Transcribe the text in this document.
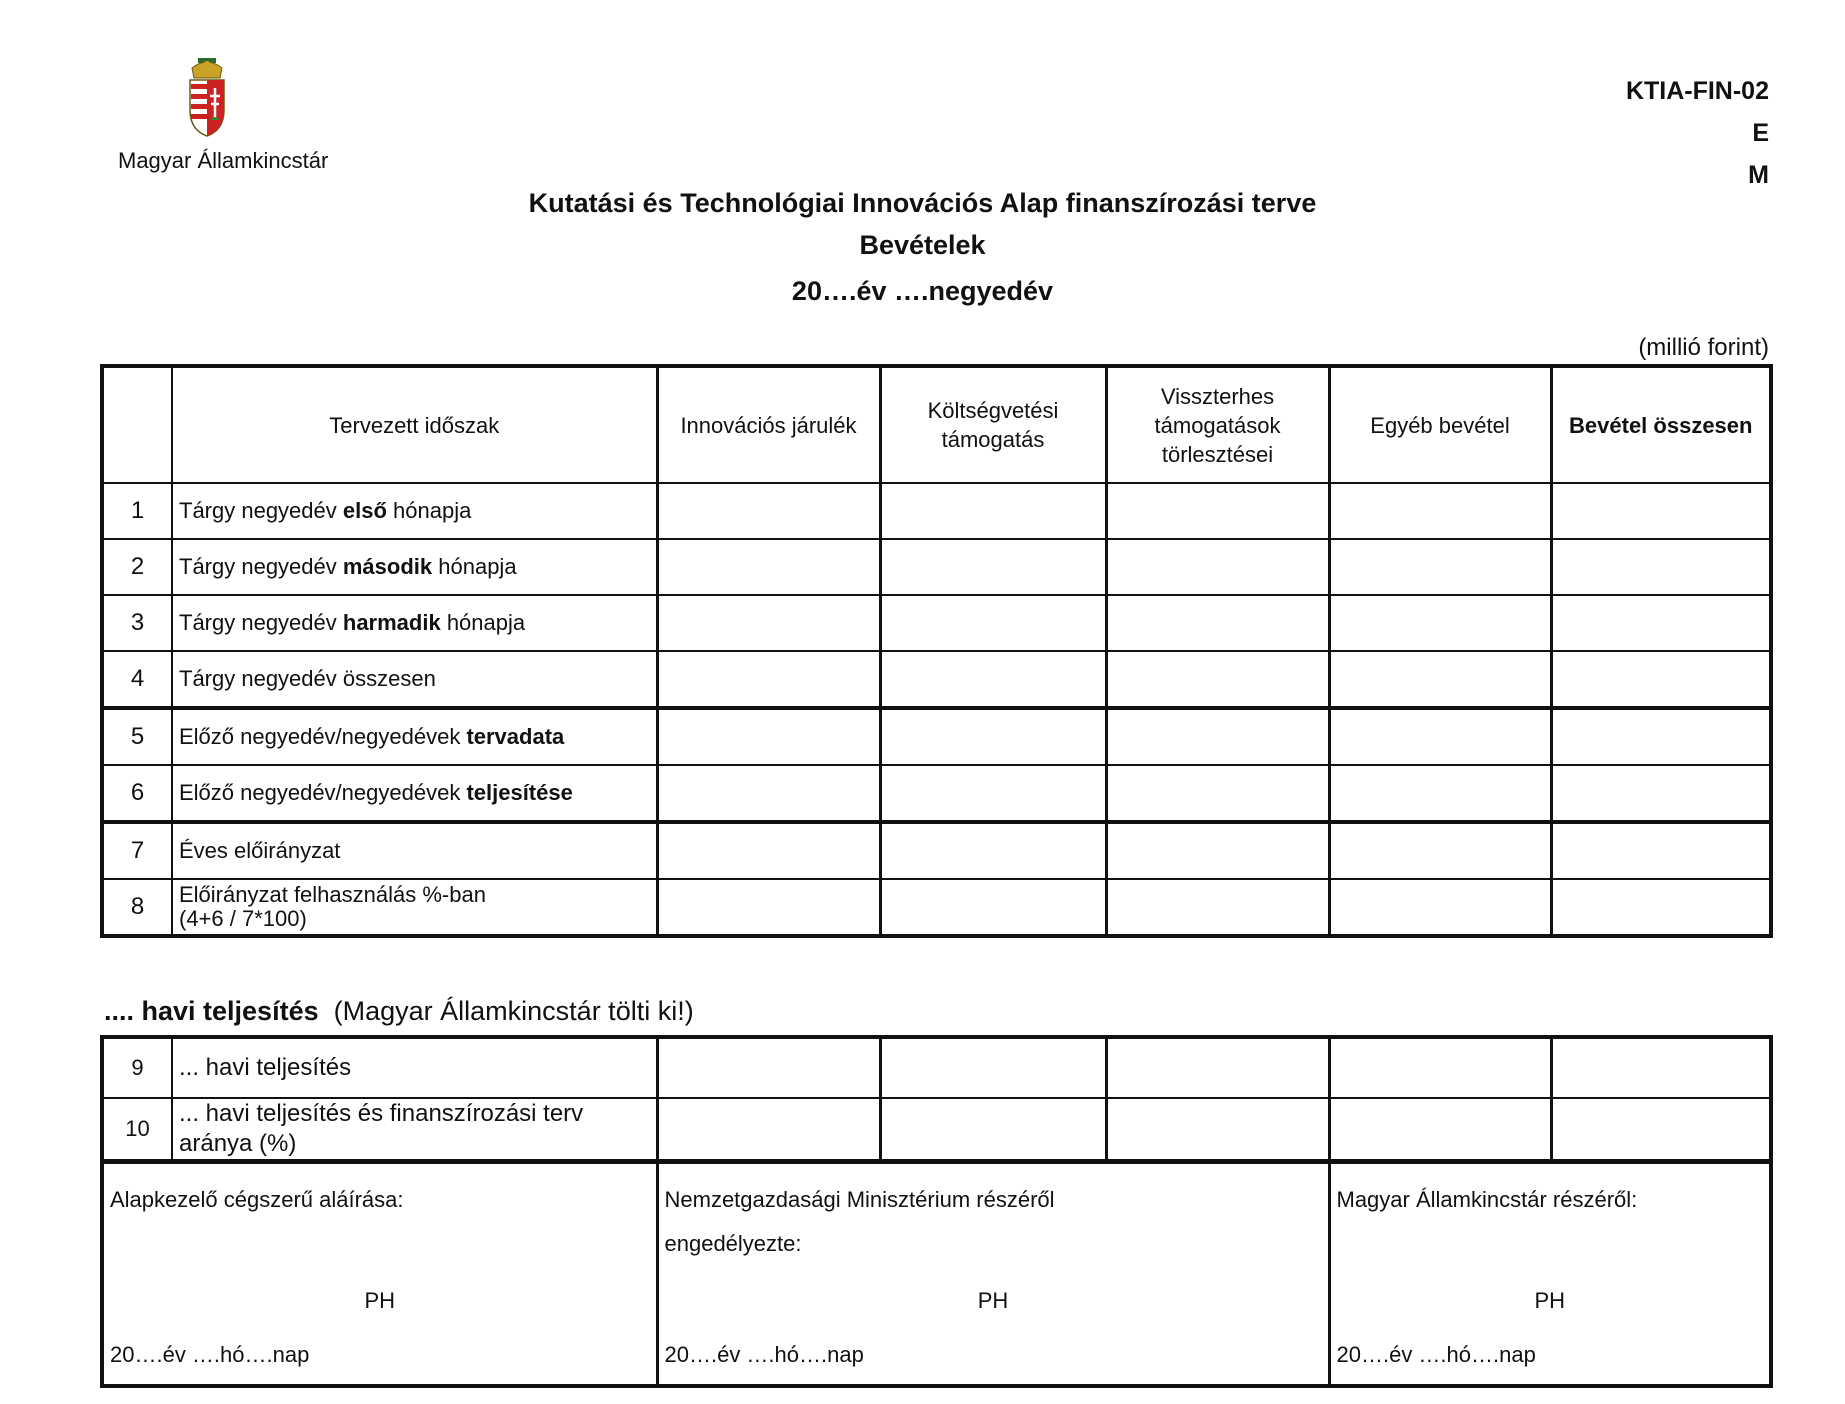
Magyar Államkincstár
KTIA-FIN-02
E
M
Kutatási és Technológiai Innovációs Alap finanszírozási terve
Bevételek
20….év ….negyedév
(millió forint)
	Tervezett időszak	Innovációs járulék	Költségvetési támogatás	Visszterhes támogatások törlesztései	Egyéb bevétel	Bevétel összesen
1	Tárgy negyedév első hónapja					
2	Tárgy negyedév második hónapja					
3	Tárgy negyedév harmadik hónapja					
4	Tárgy negyedév összesen					
5	Előző negyedév/negyedévek tervadata					
6	Előző negyedév/negyedévek teljesítése					
7	Éves előirányzat					
8	Előirányzat felhasználás %-ban
(4+6 / 7*100)					
.... havi teljesítés (Magyar Államkincstár tölti ki!)
9	... havi teljesítés					
10	... havi teljesítés és finanszírozási terv aránya (%)					
Alapkezelő cégszerű aláírása:
PH
20….év ….hó….nap

Nemzetgazdasági Minisztérium részéről
engedélyezte:
PH
20….év ….hó….nap

Magyar Államkincstár részéről:
PH
20….év ….hó….nap
